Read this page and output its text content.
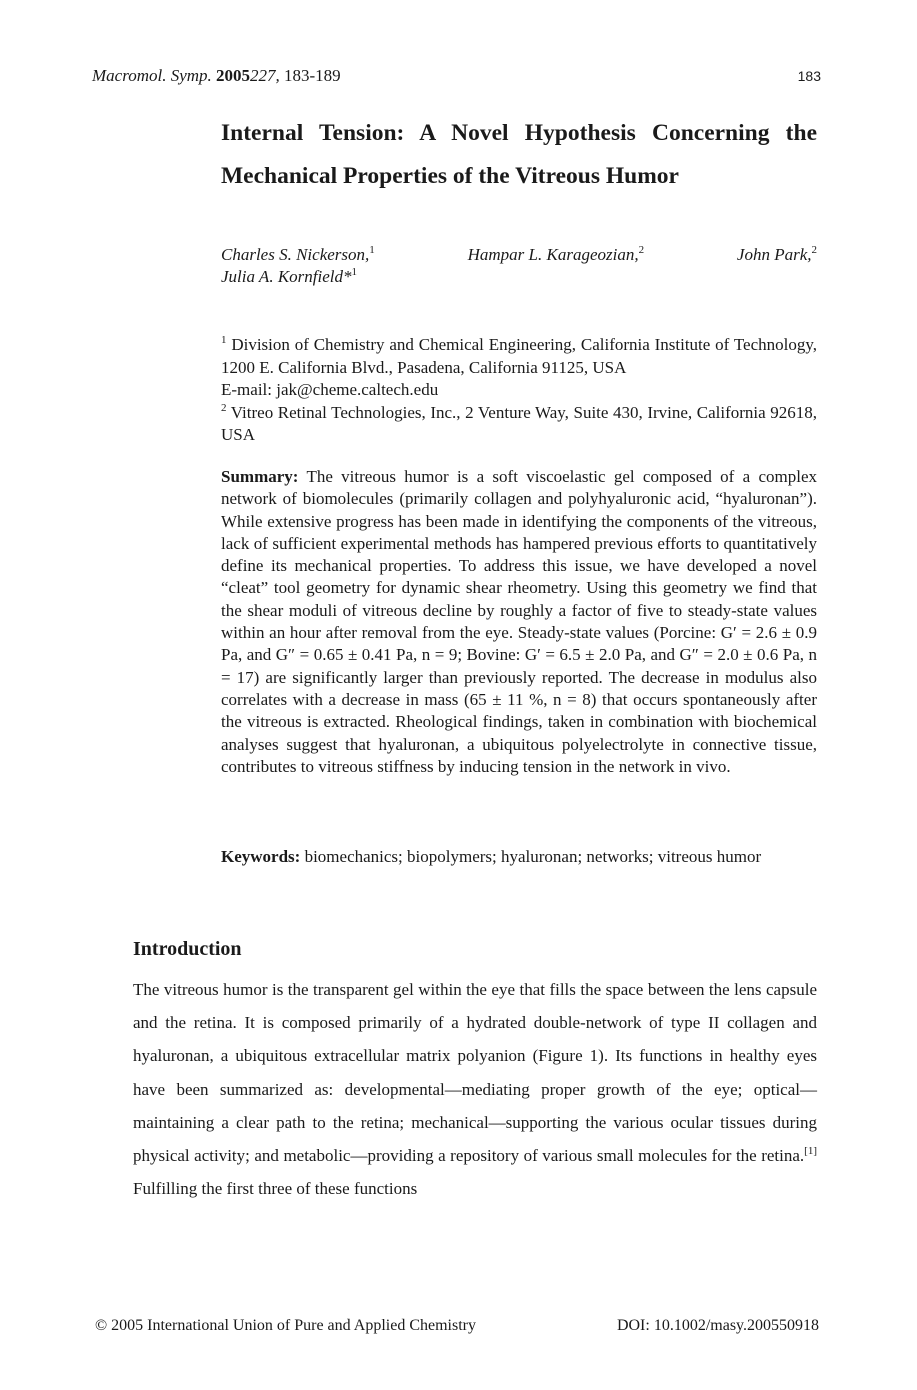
Macromol. Symp. 2005227, 183-189	183
Internal Tension: A Novel Hypothesis Concerning the
Mechanical Properties of the Vitreous Humor
Charles S. Nickerson,$^1$	Hampar L. Karageozian,$^2$	John Park,$^2$
Julia A. Kornfield*$^1$

$^1$ Division of Chemistry and Chemical Engineering, California Institute of Technology, 1200 E. California Blvd., Pasadena, California 91125, USA

E-mail: jak@cheme.caltech.edu

$^2$ Vitreo Retinal Technologies, Inc., 2 Venture Way, Suite 430, Irvine, California 92618, USA

Summary: The vitreous humor is a soft viscoelastic gel composed of a complex network of biomolecules (primarily collagen and polyhyaluronic acid, “hyaluronan”). While extensive progress has been made in identifying the components of the vitreous, lack of sufficient experimental methods has hampered previous efforts to quantitatively define its mechanical properties. To address this issue, we have developed a novel “cleat” tool geometry for dynamic shear rheometry. Using this geometry we find that the shear moduli of vitreous decline by roughly a factor of five to steady-state values within an hour after removal from the eye. Steady-state values (Porcine: G′ = 2.6 ± 0.9 Pa, and G″ = 0.65 ± 0.41 Pa, n = 9; Bovine: G′ = 6.5 ± 2.0 Pa, and G″ = 2.0 ± 0.6 Pa, n = 17) are significantly larger than previously reported. The decrease in modulus also correlates with a decrease in mass (65 ± 11 %, n = 8) that occurs spontaneously after the vitreous is extracted. Rheological findings, taken in combination with biochemical analyses suggest that hyaluronan, a ubiquitous polyelectrolyte in connective tissue, contributes to vitreous stiffness by inducing tension in the network in vivo.

Keywords: biomechanics; biopolymers; hyaluronan; networks; vitreous humor

Introduction

The vitreous humor is the transparent gel within the eye that fills the space between the lens capsule and the retina. It is composed primarily of a hydrated double-network of type II collagen and hyaluronan, a ubiquitous extracellular matrix polyanion (Figure 1). Its functions in healthy eyes have been summarized as: developmental—mediating proper growth of the eye; optical—maintaining a clear path to the retina; mechanical—supporting the various ocular tissues during physical activity; and metabolic—providing a repository of various small molecules for the retina.[1] Fulfilling the first three of these functions

© 2005 International Union of Pure and Applied Chemistry	DOI: 10.1002/masy.200550918
